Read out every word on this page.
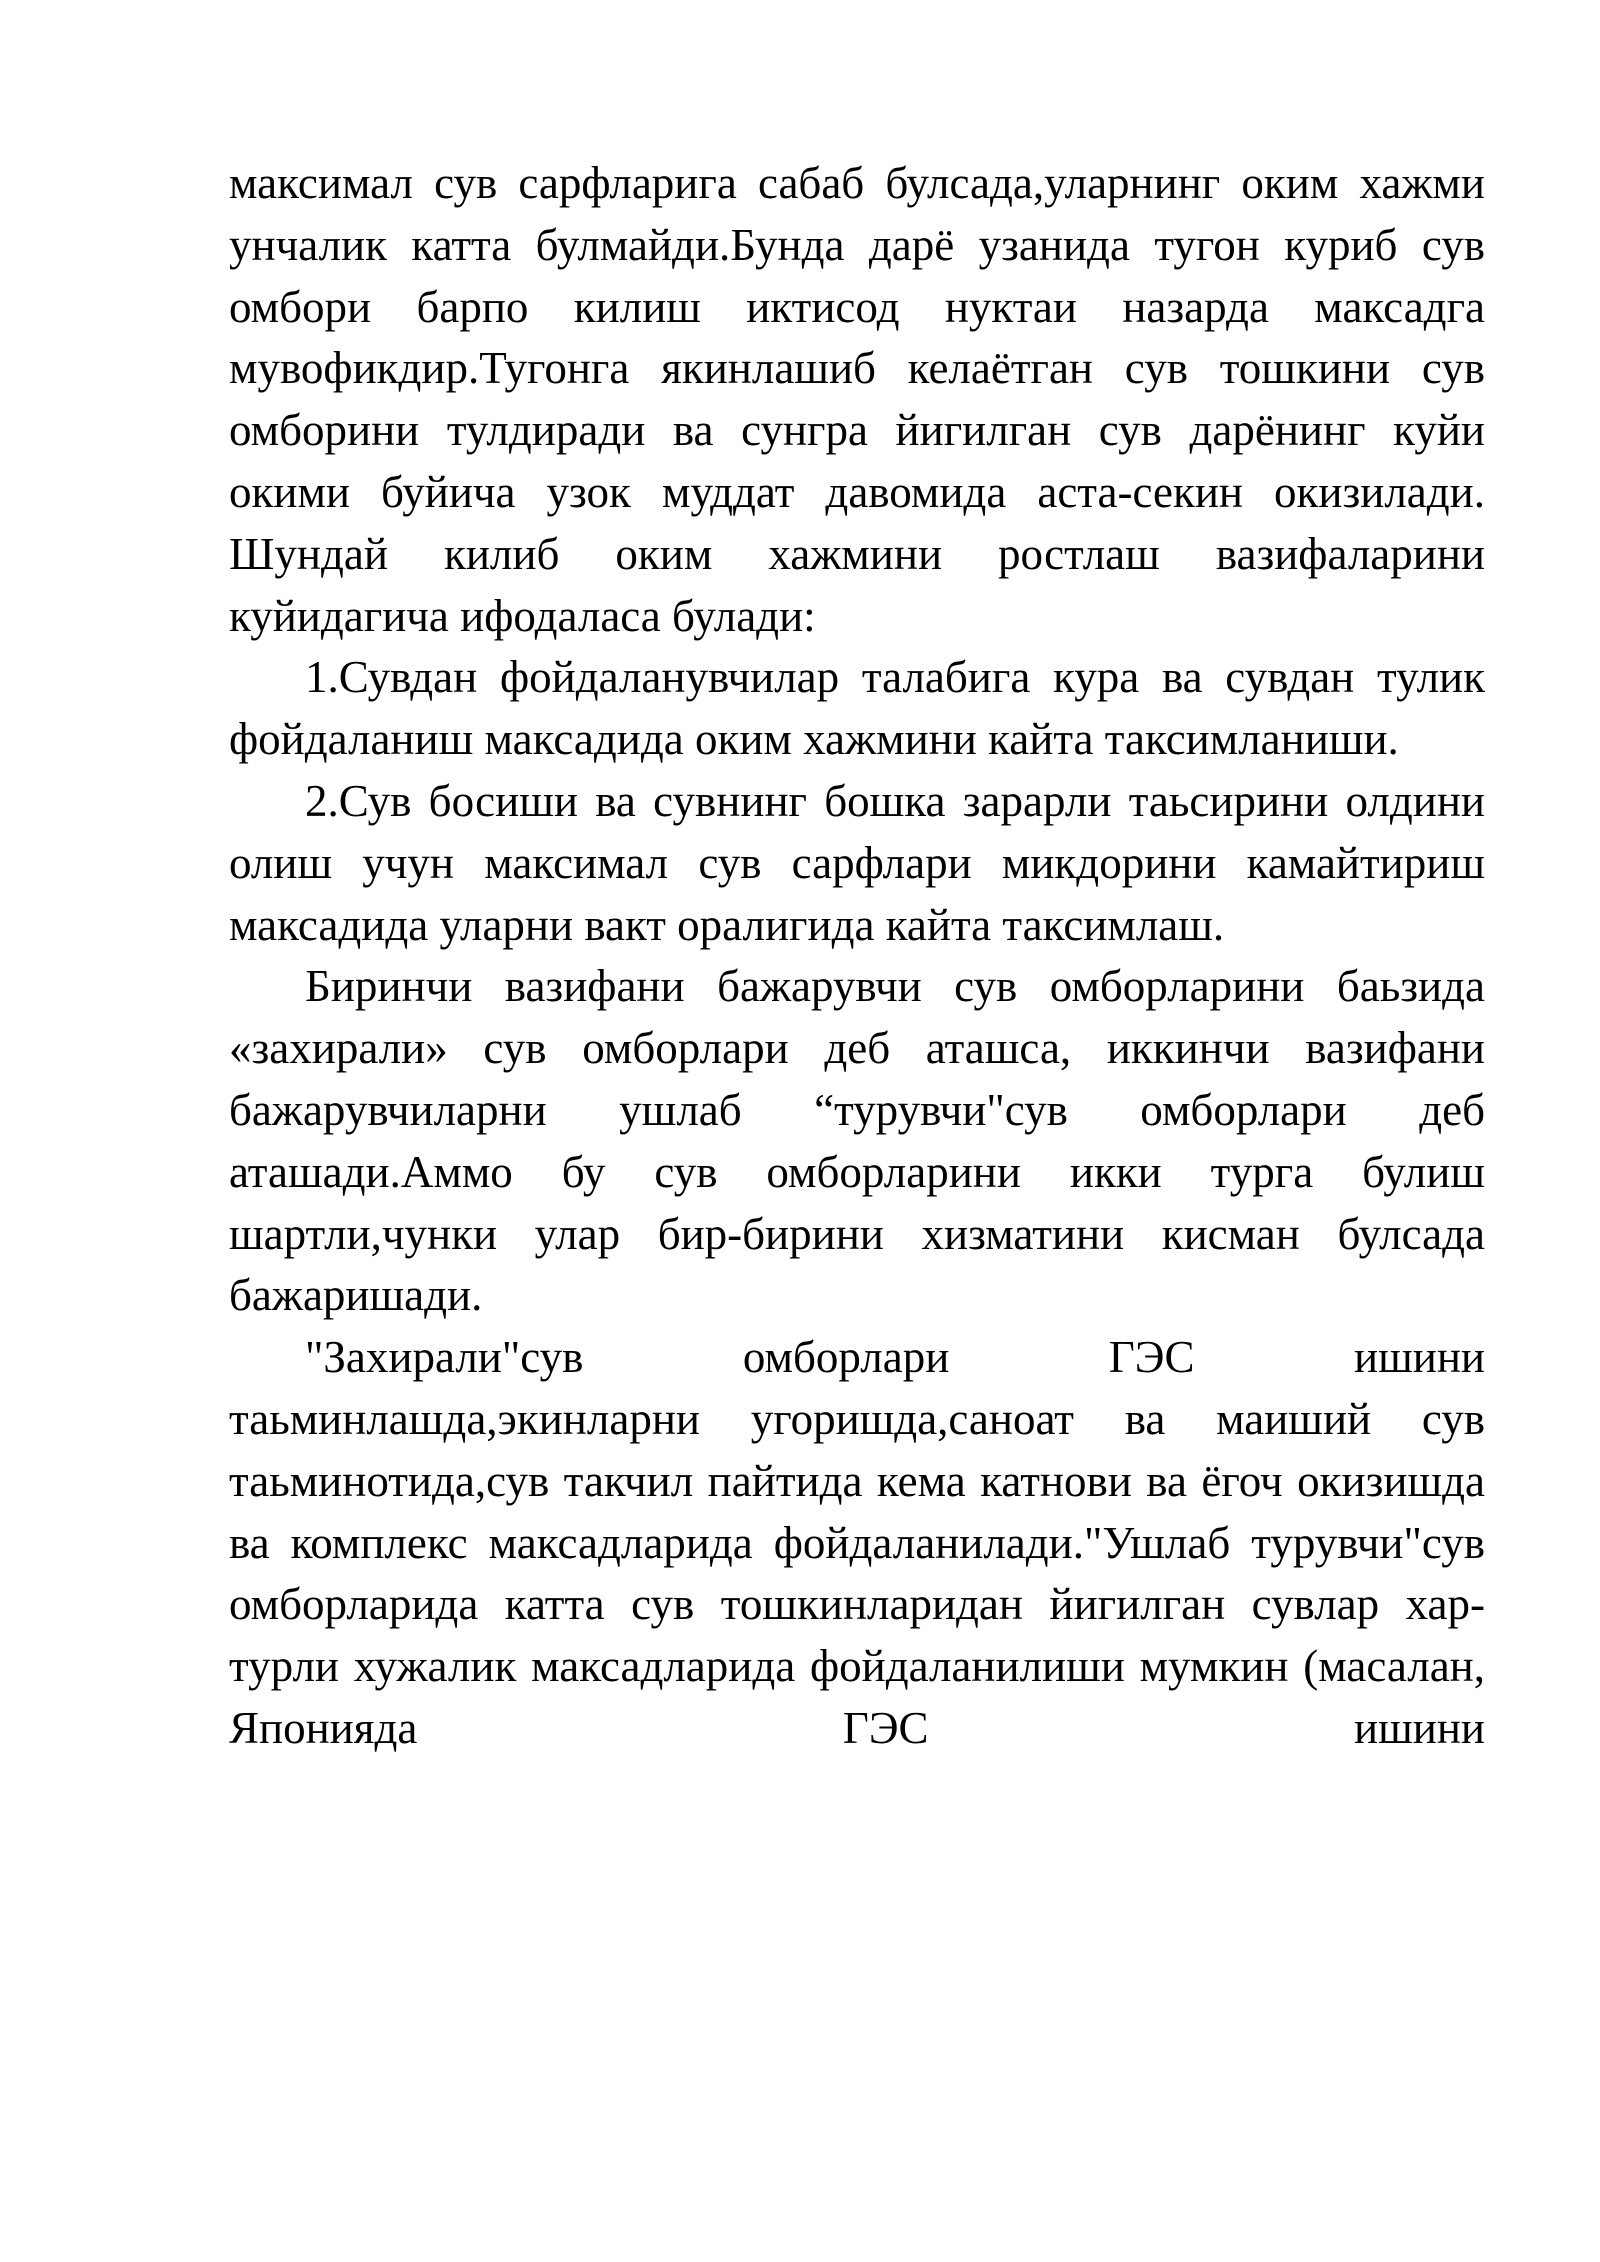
максимал сув сарфларига сабаб булсада,уларнинг оким хажми унчалик катта булмайди.Бунда дарё узанида тугон куриб сув омбори барпо килиш иктисод нуктаи назарда максадга мувофикдир.Тугонга якинлашиб келаётган сув тошкини сув омборини тулдиради ва сунгра йигилган сув дарёнинг куйи окими буйича узок муддат давомида аста-секин окизилади. Шундай килиб оким хажмини ростлаш вазифаларини куйидагича ифодаласа булади:

1.Сувдан фойдаланувчилар талабига кура ва сувдан тулик фойдаланиш максадида оким хажмини кайта таксимланиши.

2.Сув босиши ва сувнинг бошка зарарли таьсирини олдини олиш учун максимал сув сарфлари микдорини камайтириш максадида уларни вакт оралигида кайта таксимлаш.

Биринчи вазифани бажарувчи сув омборларини баьзида «захирали» сув омборлари деб аташса, иккинчи вазифани бажарувчиларни ушлаб “турувчи"сув омборлари деб аташади.Аммо бу сув омборларини икки турга булиш шартли,чунки улар бир-бирини хизматини кисман булсада бажаришади.

"Захирали"сув омборлари ГЭС ишини таьминлашда,экинларни угоришда,саноат ва маиший сув таьминотида,сув такчил пайтида кема катнови ва ёгоч окизишда ва комплекс максадларида фойдаланилади."Ушлаб турувчи"сув омборларида катта сув тошкинларидан йигилган сувлар хар-турли хужалик максадларида фойдаланилиши мумкин (масалан, Японияда ГЭС ишини
